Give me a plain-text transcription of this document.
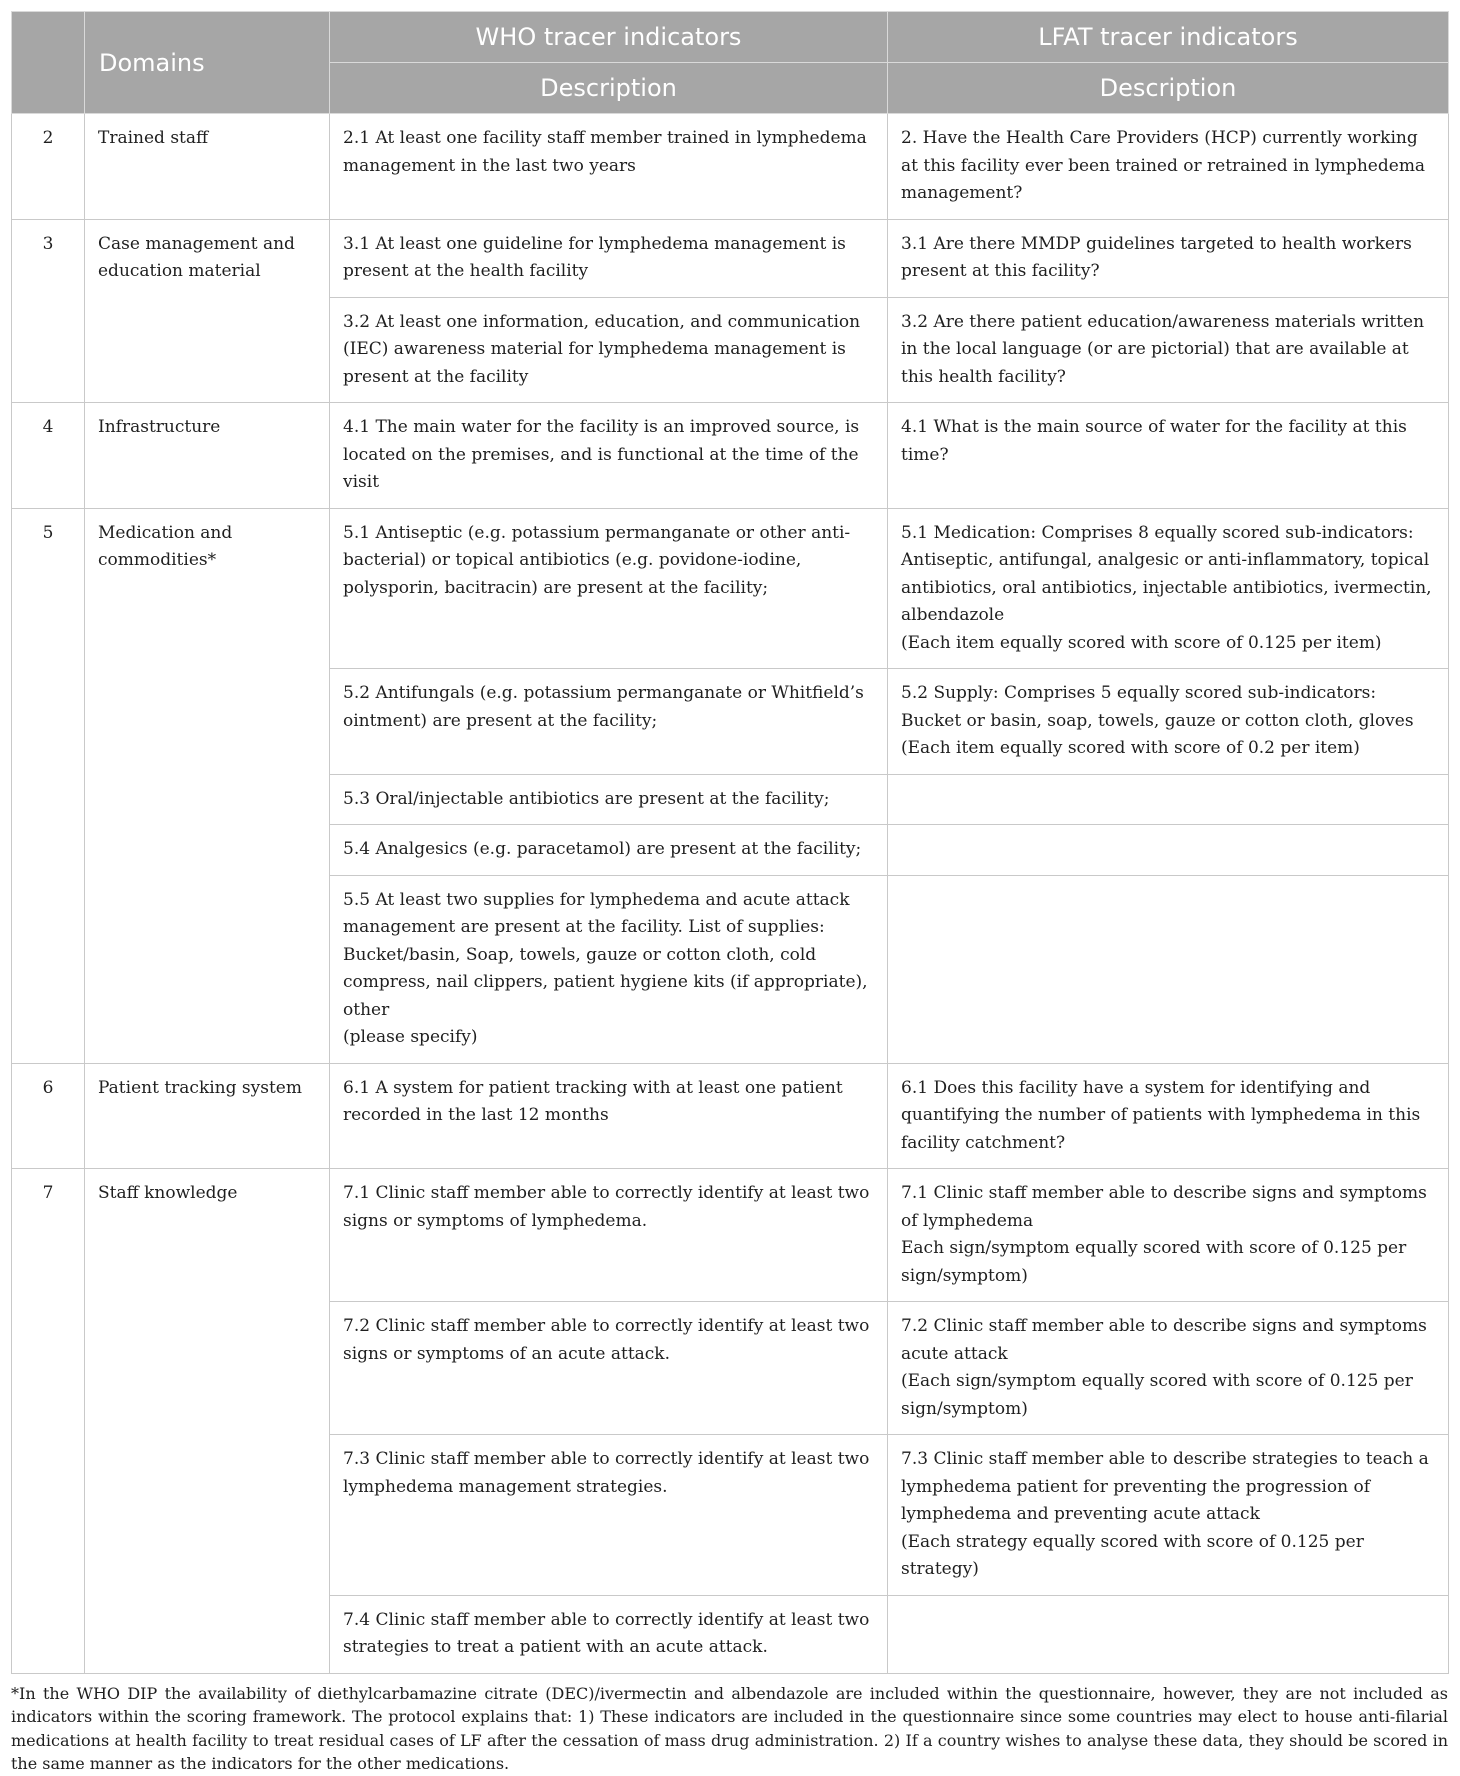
	Domains	WHO tracer indicators	LFAT tracer indicators
		Description	Description
2	Trained staff	2.1 At least one facility staff member trained in lymphedema management in the last two years	2. Have the Health Care Providers (HCP) currently working at this facility ever been trained or retrained in lymphedema management?
3	Case management and education material	3.1 At least one guideline for lymphedema management is present at the health facility	3.1 Are there MMDP guidelines targeted to health workers present at this facility?
		3.2 At least one information, education, and communication (IEC) awareness material for lymphedema management is present at the facility	3.2 Are there patient education/awareness materials written in the local language (or are pictorial) that are available at this health facility?
4	Infrastructure	4.1 The main water for the facility is an improved source, is located on the premises, and is functional at the time of the visit	4.1 What is the main source of water for the facility at this time?
5	Medication and commodities*	5.1 Antiseptic (e.g. potassium permanganate or other anti-bacterial) or topical antibiotics (e.g. povidone-iodine, polysporin, bacitracin) are present at the facility;	5.1 Medication: Comprises 8 equally scored sub-indicators: Antiseptic, antifungal, analgesic or anti-inflammatory, topical antibiotics, oral antibiotics, injectable antibiotics, ivermectin, albendazole
(Each item equally scored with score of 0.125 per item)

		5.2 Antifungals (e.g. potassium permanganate or Whitfield’s ointment) are present at the facility;	5.2 Supply: Comprises 5 equally scored sub-indicators: Bucket or basin, soap, towels, gauze or cotton cloth, gloves
(Each item equally scored with score of 0.2 per item)

		5.3 Oral/injectable antibiotics are present at the facility;	
		5.4 Analgesics (e.g. paracetamol) are present at the facility;	

		5.5 At least two supplies for lymphedema and acute attack management are present at the facility. List of supplies: Bucket/basin, Soap, towels, gauze or cotton cloth, cold compress, nail clippers, patient hygiene kits (if appropriate), other
(please specify)	

6	Patient tracking system	6.1 A system for patient tracking with at least one patient recorded in the last 12 months	6.1 Does this facility have a system for identifying and quantifying the number of patients with lymphedema in this facility catchment?
7	Staff knowledge	7.1 Clinic staff member able to correctly identify at least two signs or symptoms of lymphedema.	7.1 Clinic staff member able to describe signs and symptoms of lymphedema
Each sign/symptom equally scored with score of 0.125 per sign/symptom)

		7.2 Clinic staff member able to correctly identify at least two signs or symptoms of an acute attack.	7.2 Clinic staff member able to describe signs and symptoms acute attack
(Each sign/symptom equally scored with score of 0.125 per sign/symptom)

		7.3 Clinic staff member able to correctly identify at least two lymphedema management strategies.	7.3 Clinic staff member able to describe strategies to teach a lymphedema patient for preventing the progression of lymphedema and preventing acute attack
(Each strategy equally scored with score of 0.125 per strategy)

		7.4 Clinic staff member able to correctly identify at least two strategies to treat a patient with an acute attack.	
*In the WHO DIP the availability of diethylcarbamazine citrate (DEC)/ivermectin and albendazole are included within the questionnaire, however, they are not included as indicators within the scoring framework. The protocol explains that: 1) These indicators are included in the questionnaire since some countries may elect to house anti-filarial medications at health facility to treat residual cases of LF after the cessation of mass drug administration. 2) If a country wishes to analyse these data, they should be scored in the same manner as the indicators for the other medications.
